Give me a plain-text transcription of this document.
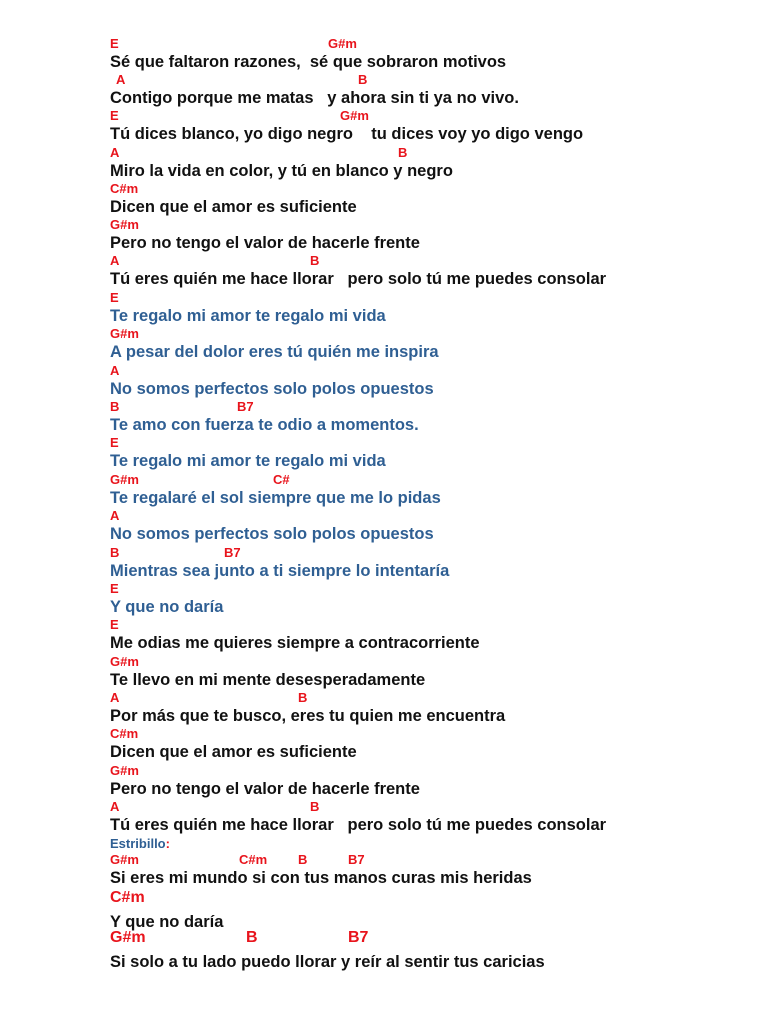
E	G#m
Sé que faltaron razones,  sé que sobraron motivos
A	B
Contigo porque me matas   y ahora sin ti ya no vivo.
E	G#m
Tú dices blanco, yo digo negro    tu dices voy yo digo vengo
A	B
Miro la vida en color, y tú en blanco y negro
C#m
Dicen que el amor es suficiente
G#m
Pero no tengo el valor de hacerle frente
A	B
Tú eres quién me hace llorar   pero solo tú me puedes consolar
E
Te regalo mi amor te regalo mi vida
G#m
A pesar del dolor eres tú quién me inspira
A
No somos perfectos solo polos opuestos
B	B7
Te amo con fuerza te odio a momentos.
E
Te regalo mi amor te regalo mi vida
G#m	C#
Te regalaré el sol siempre que me lo pidas
A
No somos perfectos solo polos opuestos
B	B7
Mientras sea junto a ti siempre lo intentaría
E
Y que no daría
E
Me odias me quieres siempre a contracorriente
G#m
Te llevo en mi mente desesperadamente
A	B
Por más que te busco, eres tu quien me encuentra
C#m
Dicen que el amor es suficiente
G#m
Pero no tengo el valor de hacerle frente
A	B
Tú eres quién me hace llorar   pero solo tú me puedes consolar
Estribillo:
G#m	C#m B	B7
Si eres mi mundo si con tus manos curas mis heridas
C#m
Y que no daría
G#m	B	B7
Si solo a tu lado puedo llorar y reír al sentir tus caricias
